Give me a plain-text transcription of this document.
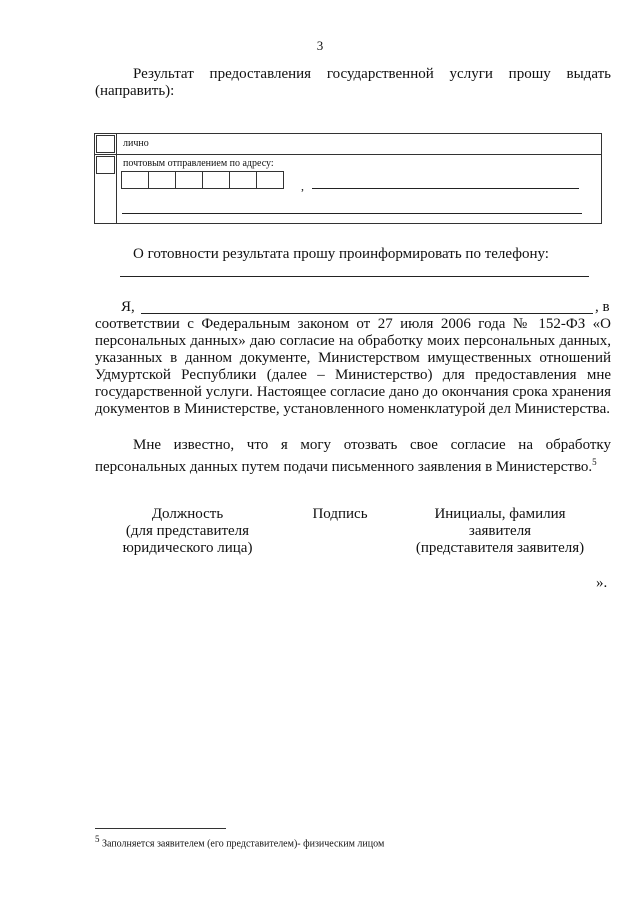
3
Результат предоставления государственной услуги прошу выдать (направить):
лично
почтовым отправлением по адресу:
,
О готовности результата прошу проинформировать по телефону:
Я,	, в
соответствии с Федеральным законом от 27 июля 2006 года № 152-ФЗ «О персональных данных» даю согласие на обработку моих персональных данных, указанных в данном документе, Министерством имущественных отношений Удмуртской Республики (далее – Министерство) для предоставления мне государственной услуги. Настоящее согласие дано до окончания срока хранения документов в Министерстве, установленного номенклатурой дел Министерства.
Мне известно, что я могу отозвать свое согласие на обработку персональных данных путем подачи письменного заявления в Министерство.$^5$
Должность
(для представителя
юридического лица)
Подпись	Инициалы, фамилия
заявителя
(представителя заявителя)
».
$^5$ Заполняется заявителем (его представителем)- физическим лицом
